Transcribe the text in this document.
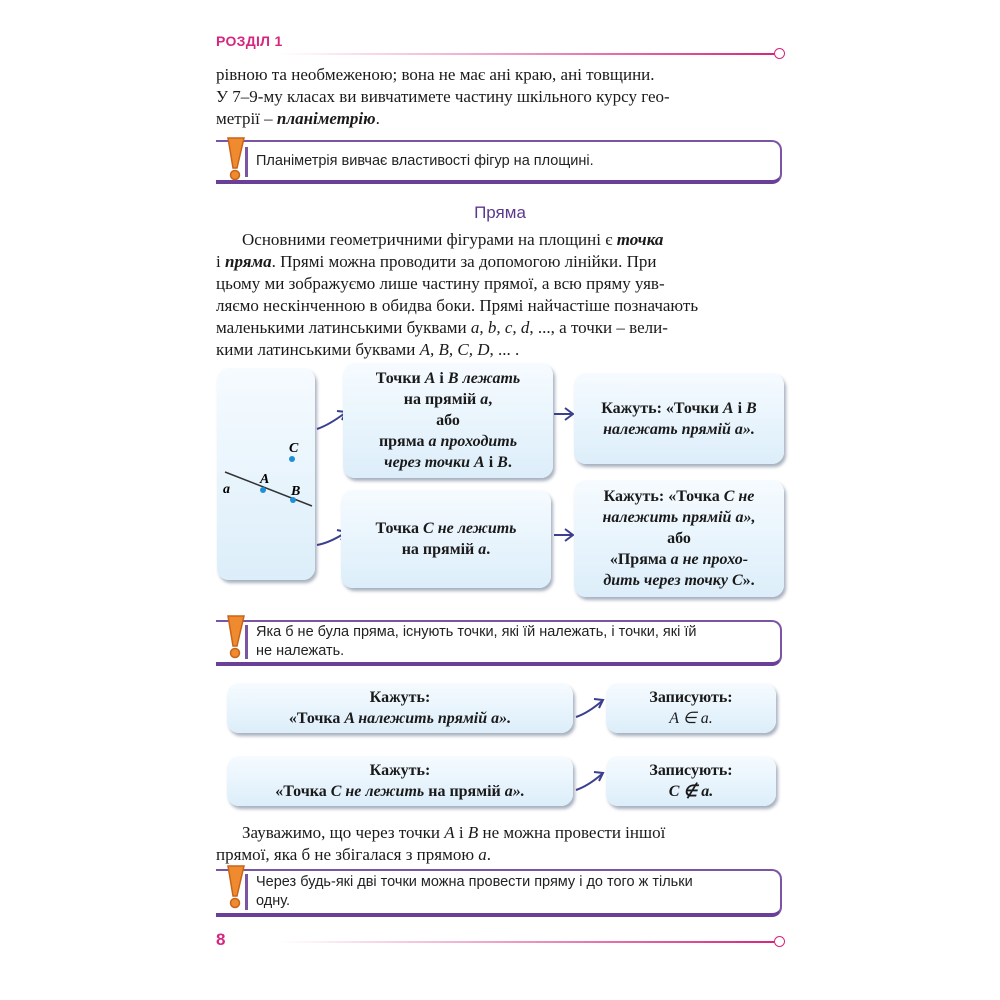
РОЗДІЛ 1
рівною та необмеженою; вона не має ані краю, ані товщини.
У 7–9-му класах ви вивчатимете частину шкільного курсу гео-
метрії – планіметрію.
Планіметрія вивчає властивості фігур на площині.
Пряма
Основними геометричними фігурами на площині є точка
і пряма. Прямі можна проводити за допомогою лінійки. При
цьому ми зображуємо лише частину прямої, а всю пряму уяв-
ляємо нескінченною в обидва боки. Прямі найчастіше позначають
маленькими латинськими буквами a, b, c, d, ..., а точки – вели-
кими латинськими буквами A, B, C, D, ... .
a
A
B
C
Точки A і B лежать
на прямій a,
або
пряма a проходить
через точки A і B.
Кажуть: «Точки A і B
належать прямій a».
Точка C не лежить
на прямій a.
Кажуть: «Точка C не
належить прямій a»,
або
«Пряма a не прохо-
дить через точку C».
Яка б не була пряма, існують точки, які їй належать, і точки, які їй
не належать.
Кажуть:
«Точка A належить прямій a».
Записують:
A ∈ a.
Кажуть:
«Точка C не лежить на прямій a».
Записують:
C ∉ a.
Зауважимо, що через точки A і B не можна провести іншої
прямої, яка б не збігалася з прямою a.
Через будь-які дві точки можна провести пряму і до того ж тільки
одну.
8
